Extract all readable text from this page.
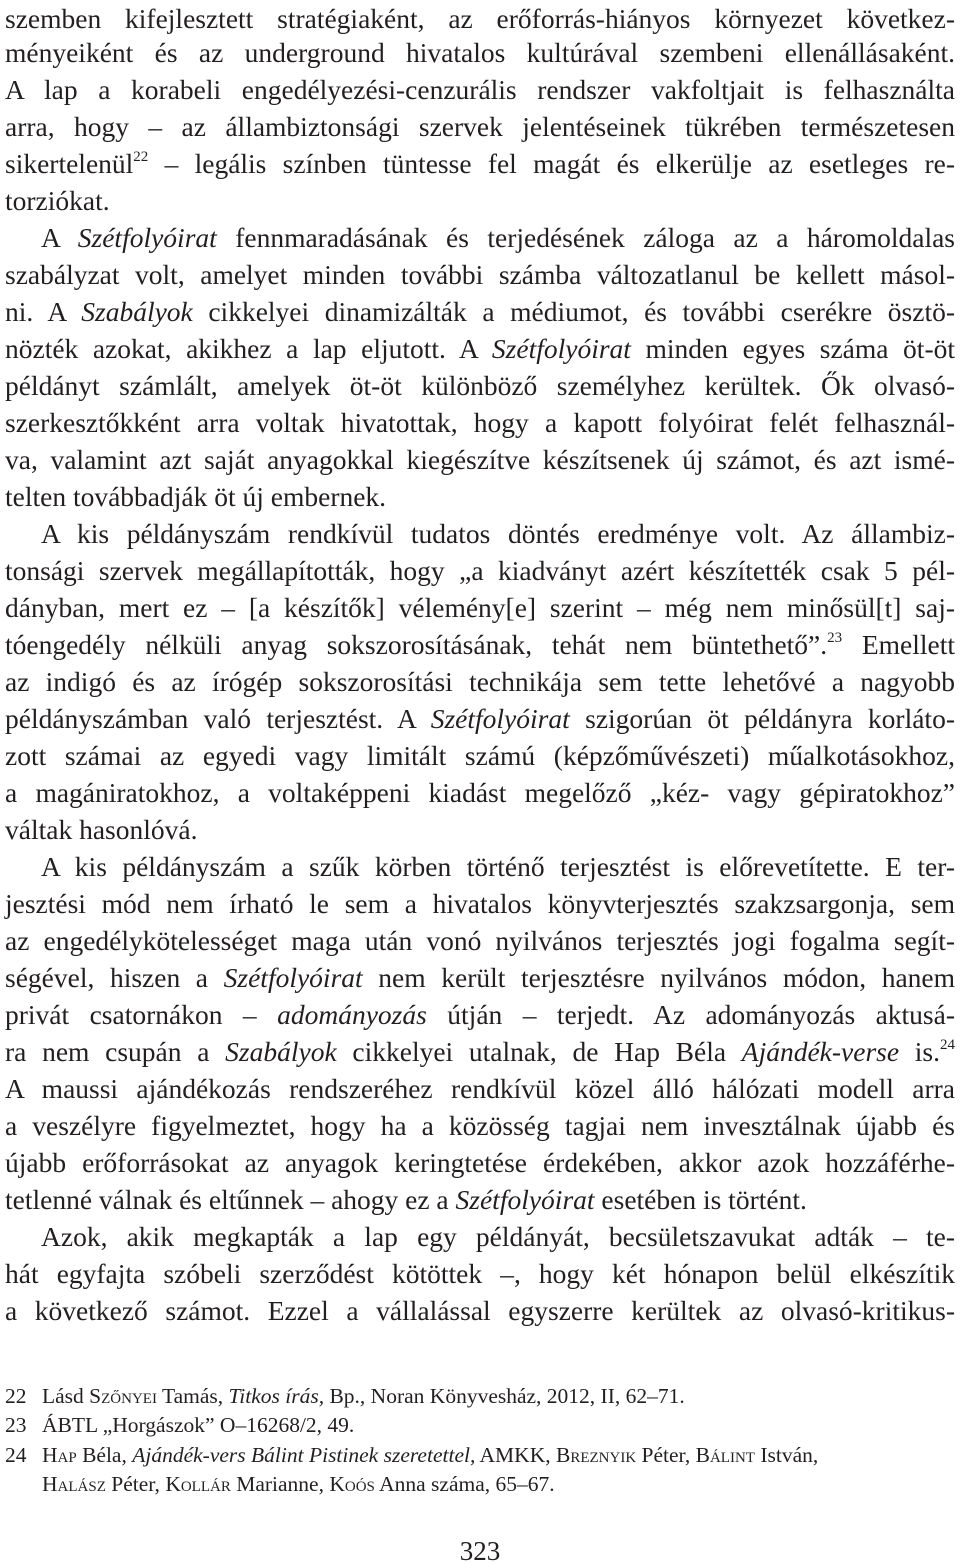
szemben kifejlesztett stratégiaként, az erőforrás-hiányos környezet következ-
ményeiként és az underground hivatalos kultúrával szembeni ellenállásaként.
A lap a korabeli engedélyezési-cenzurális rendszer vakfoltjait is felhasználta
arra, hogy – az állambiztonsági szervek jelentéseinek tükrében természetesen
sikertelenül$^{22}$ – legális színben tüntesse fel magát és elkerülje az esetleges re-
torziókat.
A Szétfolyóirat fennmaradásának és terjedésének záloga az a háromoldalas
szabályzat volt, amelyet minden további számba változatlanul be kellett másol-
ni. A Szabályok cikkelyei dinamizálták a médiumot, és további cserékre ösztö-
nözték azokat, akikhez a lap eljutott. A Szétfolyóirat minden egyes száma öt-öt
példányt számlált, amelyek öt-öt különböző személyhez kerültek. Ők olvasó-
szerkesztőkként arra voltak hivatottak, hogy a kapott folyóirat felét felhasznál-
va, valamint azt saját anyagokkal kiegészítve készítsenek új számot, és azt ismé-
telten továbbadják öt új embernek.
A kis példányszám rendkívül tudatos döntés eredménye volt. Az állambiz-
tonsági szervek megállapították, hogy „a kiadványt azért készítették csak 5 pél-
dányban, mert ez – [a készítők] vélemény[e] szerint – még nem minősül[t] saj-
tóengedély nélküli anyag sokszorosításának, tehát nem büntethető”.$^{23}$ Emellett
az indigó és az írógép sokszorosítási technikája sem tette lehetővé a nagyobb
példányszámban való terjesztést. A Szétfolyóirat szigorúan öt példányra korláto-
zott számai az egyedi vagy limitált számú (képzőművészeti) műalkotásokhoz,
a magániratokhoz, a voltaképpeni kiadást megelőző „kéz- vagy gépiratokhoz”
váltak hasonlóvá.
A kis példányszám a szűk körben történő terjesztést is előrevetítette. E ter-
jesztési mód nem írható le sem a hivatalos könyvterjesztés szakzsargonja, sem
az engedélykötelességet maga után vonó nyilvános terjesztés jogi fogalma segít-
ségével, hiszen a Szétfolyóirat nem került terjesztésre nyilvános módon, hanem
privát csatornákon – adományozás útján – terjedt. Az adományozás aktusá-
ra nem csupán a Szabályok cikkelyei utalnak, de Hap Béla Ajándék-verse is.$^{24}$
A maussi ajándékozás rendszeréhez rendkívül közel álló hálózati modell arra
a veszélyre figyelmeztet, hogy ha a közösség tagjai nem invesztálnak újabb és
újabb erőforrásokat az anyagok keringtetése érdekében, akkor azok hozzáférhe-
tetlenné válnak és eltűnnek – ahogy ez a Szétfolyóirat esetében is történt.
Azok, akik megkapták a lap egy példányát, becsületszavukat adták – te-
hát egyfajta szóbeli szerződést kötöttek –, hogy két hónapon belül elkészítik
a következő számot. Ezzel a vállalással egyszerre kerültek az olvasó-kritikus-
22 Lásd Szőnyei Tamás, Titkos írás, Bp., Noran Könyvesház, 2012, II, 62–71.
23 ÁBTL „Horgászok” O–16268/2, 49.
24 Hap Béla, Ajándék-vers Bálint Pistinek szeretettel, AMKK, Breznyik Péter, Bálint István,
Halász Péter, Kollár Marianne, Koós Anna száma, 65–67.
323
